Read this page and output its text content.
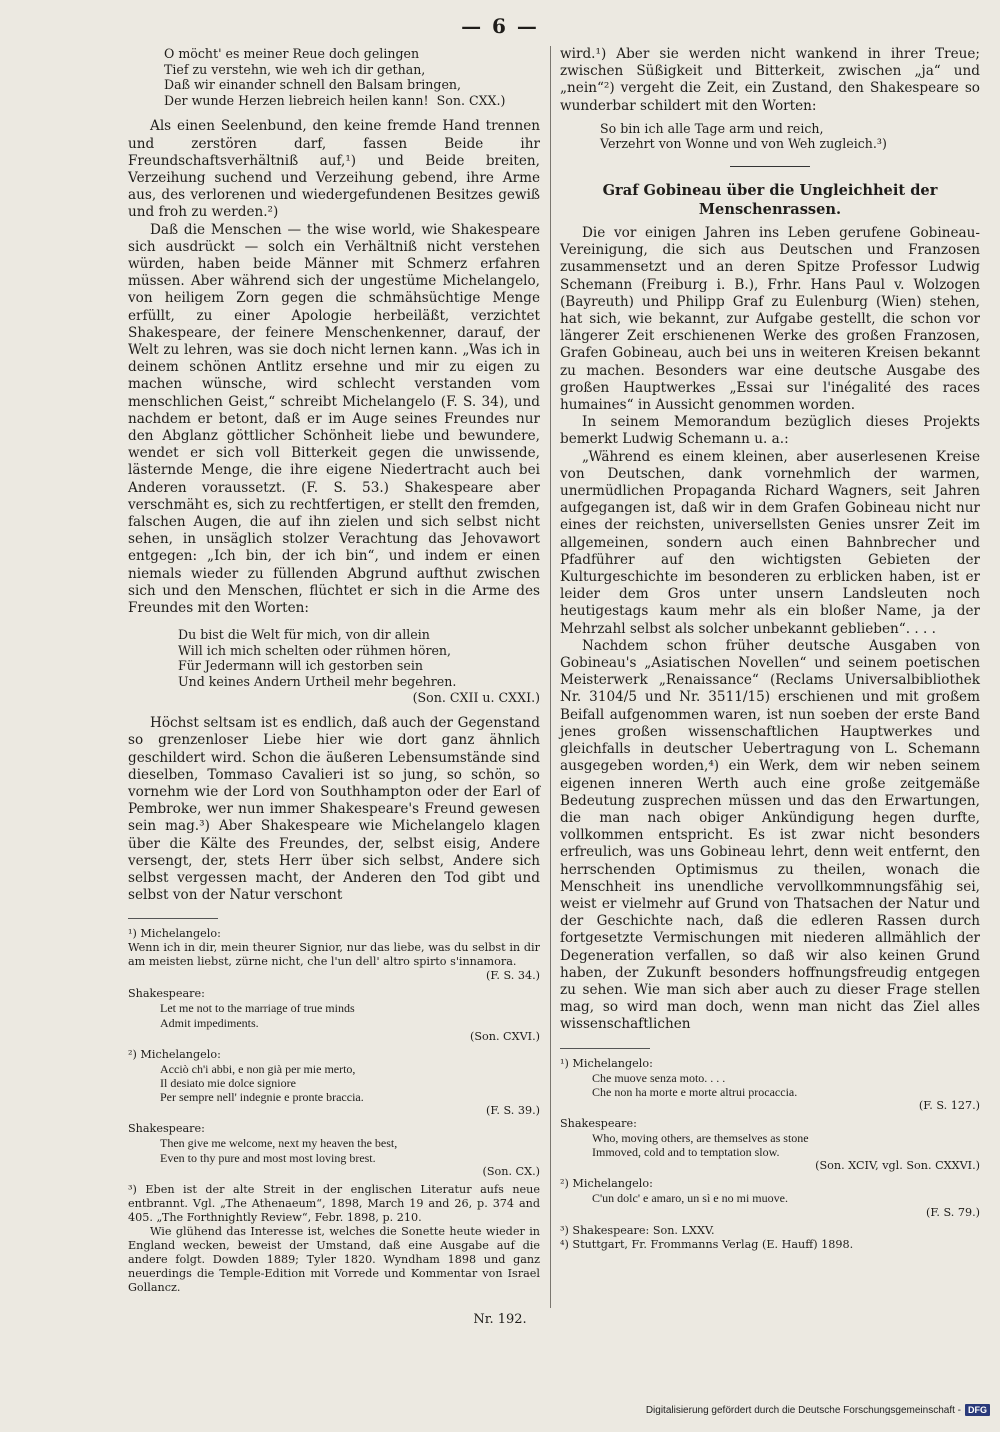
— 6 —
O möcht' es meiner Reue doch gelingen
Tief zu verstehn, wie weh ich dir gethan,
Daß wir einander schnell den Balsam bringen,
Der wunde Herzen liebreich heilen kann! Son. CXX.)

Als einen Seelenbund, den keine fremde Hand trennen und zerstören darf, fassen Beide ihr Freundschaftsverhältniß auf,¹) und Beide breiten, Verzeihung suchend und Verzeihung gebend, ihre Arme aus, des verlorenen und wiedergefundenen Besitzes gewiß und froh zu werden.²)

Daß die Menschen — the wise world, wie Shakespeare sich ausdrückt — solch ein Verhältniß nicht verstehen würden, haben beide Männer mit Schmerz erfahren müssen. Aber während sich der ungestüme Michelangelo, von heiligem Zorn gegen die schmähsüchtige Menge erfüllt, zu einer Apologie herbeiläßt, verzichtet Shakespeare, der feinere Menschenkenner, darauf, der Welt zu lehren, was sie doch nicht lernen kann. „Was ich in deinem schönen Antlitz ersehne und mir zu eigen zu machen wünsche, wird schlecht verstanden vom menschlichen Geist,“ schreibt Michelangelo (F. S. 34), und nachdem er betont, daß er im Auge seines Freundes nur den Abglanz göttlicher Schönheit liebe und bewundere, wendet er sich voll Bitterkeit gegen die unwissende, lästernde Menge, die ihre eigene Niedertracht auch bei Anderen voraussetzt. (F. S. 53.) Shakespeare aber verschmäht es, sich zu rechtfertigen, er stellt den fremden, falschen Augen, die auf ihn zielen und sich selbst nicht sehen, in unsäglich stolzer Verachtung das Jehovawort entgegen: „Ich bin, der ich bin“, und indem er einen niemals wieder zu füllenden Abgrund aufthut zwischen sich und den Menschen, flüchtet er sich in die Arme des Freundes mit den Worten:

Du bist die Welt für mich, von dir allein
Will ich mich schelten oder rühmen hören,
Für Jedermann will ich gestorben sein
Und keines Andern Urtheil mehr begehren.
(Son. CXII u. CXXI.)

Höchst seltsam ist es endlich, daß auch der Gegenstand so grenzenloser Liebe hier wie dort ganz ähnlich geschildert wird. Schon die äußeren Lebensumstände sind dieselben, Tommaso Cavalieri ist so jung, so schön, so vornehm wie der Lord von Southhampton oder der Earl of Pembroke, wer nun immer Shakespeare's Freund gewesen sein mag.³) Aber Shakespeare wie Michelangelo klagen über die Kälte des Freundes, der, selbst eisig, Andere versengt, der, stets Herr über sich selbst, Andere sich selbst vergessen macht, der Anderen den Tod gibt und selbst von der Natur verschont

¹) Michelangelo:
Wenn ich in dir, mein theurer Signior, nur das liebe, was du selbst in dir am meisten liebst, zürne nicht, che l'un dell' altro spirto s'innamora.
(F. S. 34.)
Shakespeare:
Let me not to the marriage of true minds
Admit impediments.
(Son. CXVI.)
²) Michelangelo:
Acciò ch'i abbi, e non già per mie merto,
Il desiato mie dolce signiore
Per sempre nell' indegnie e pronte braccia.
(F. S. 39.)
Shakespeare:
Then give me welcome, next my heaven the best,
Even to thy pure and most most loving brest.
(Son. CX.)
³) Eben ist der alte Streit in der englischen Literatur aufs neue entbrannt. Vgl. „The Athenaeum“, 1898, March 19 and 26, p. 374 and 405. „The Forthnightly Review“, Febr. 1898, p. 210.
Wie glühend das Interesse ist, welches die Sonette heute wieder in England wecken, beweist der Umstand, daß eine Ausgabe auf die andere folgt. Dowden 1889; Tyler 1820. Wyndham 1898 und ganz neuerdings die Temple-Edition mit Vorrede und Kommentar von Israel Gollancz.

wird.¹) Aber sie werden nicht wankend in ihrer Treue; zwischen Süßigkeit und Bitterkeit, zwischen „ja“ und „nein“²) vergeht die Zeit, ein Zustand, den Shakespeare so wunderbar schildert mit den Worten:

So bin ich alle Tage arm und reich,
Verzehrt von Wonne und von Weh zugleich.³)
Graf Gobineau über die Ungleichheit der Menschenrassen.

Die vor einigen Jahren ins Leben gerufene Gobineau-Vereinigung, die sich aus Deutschen und Franzosen zusammensetzt und an deren Spitze Professor Ludwig Schemann (Freiburg i. B.), Frhr. Hans Paul v. Wolzogen (Bayreuth) und Philipp Graf zu Eulenburg (Wien) stehen, hat sich, wie bekannt, zur Aufgabe gestellt, die schon vor längerer Zeit erschienenen Werke des großen Franzosen, Grafen Gobineau, auch bei uns in weiteren Kreisen bekannt zu machen. Besonders war eine deutsche Ausgabe des großen Hauptwerkes „Essai sur l'inégalité des races humaines“ in Aussicht genommen worden.

In seinem Memorandum bezüglich dieses Projekts bemerkt Ludwig Schemann u. a.:

„Während es einem kleinen, aber auserlesenen Kreise von Deutschen, dank vornehmlich der warmen, unermüdlichen Propaganda Richard Wagners, seit Jahren aufgegangen ist, daß wir in dem Grafen Gobineau nicht nur eines der reichsten, universellsten Genies unsrer Zeit im allgemeinen, sondern auch einen Bahnbrecher und Pfadführer auf den wichtigsten Gebieten der Kulturgeschichte im besonderen zu erblicken haben, ist er leider dem Gros unter unsern Landsleuten noch heutigestags kaum mehr als ein bloßer Name, ja der Mehrzahl selbst als solcher unbekannt geblieben“. . . .

Nachdem schon früher deutsche Ausgaben von Gobineau's „Asiatischen Novellen“ und seinem poetischen Meisterwerk „Renaissance“ (Reclams Universalbibliothek Nr. 3104/5 und Nr. 3511/15) erschienen und mit großem Beifall aufgenommen waren, ist nun soeben der erste Band jenes großen wissenschaftlichen Hauptwerkes und gleichfalls in deutscher Uebertragung von L. Schemann ausgegeben worden,⁴) ein Werk, dem wir neben seinem eigenen inneren Werth auch eine große zeitgemäße Bedeutung zusprechen müssen und das den Erwartungen, die man nach obiger Ankündigung hegen durfte, vollkommen entspricht. Es ist zwar nicht besonders erfreulich, was uns Gobineau lehrt, denn weit entfernt, den herrschenden Optimismus zu theilen, wonach die Menschheit ins unendliche vervollkommnungsfähig sei, weist er vielmehr auf Grund von Thatsachen der Natur und der Geschichte nach, daß die edleren Rassen durch fortgesetzte Vermischungen mit niederen allmählich der Degeneration verfallen, so daß wir also keinen Grund haben, der Zukunft besonders hoffnungsfreudig entgegen zu sehen. Wie man sich aber auch zu dieser Frage stellen mag, so wird man doch, wenn man nicht das Ziel alles wissenschaftlichen

¹) Michelangelo:
Che muove senza moto. . . .
Che non ha morte e morte altrui procaccia.
(F. S. 127.)
Shakespeare:
Who, moving others, are themselves as stone
Immoved, cold and to temptation slow.
(Son. XCIV, vgl. Son. CXXVI.)
²) Michelangelo:
C'un dolc' e amaro, un sì e no mi muove.
(F. S. 79.)
³) Shakespeare: Son. LXXV.
⁴) Stuttgart, Fr. Frommanns Verlag (E. Hauff) 1898.
Nr. 192.
Digitalisierung gefördert durch die Deutsche Forschungsgemeinschaft - DFG
